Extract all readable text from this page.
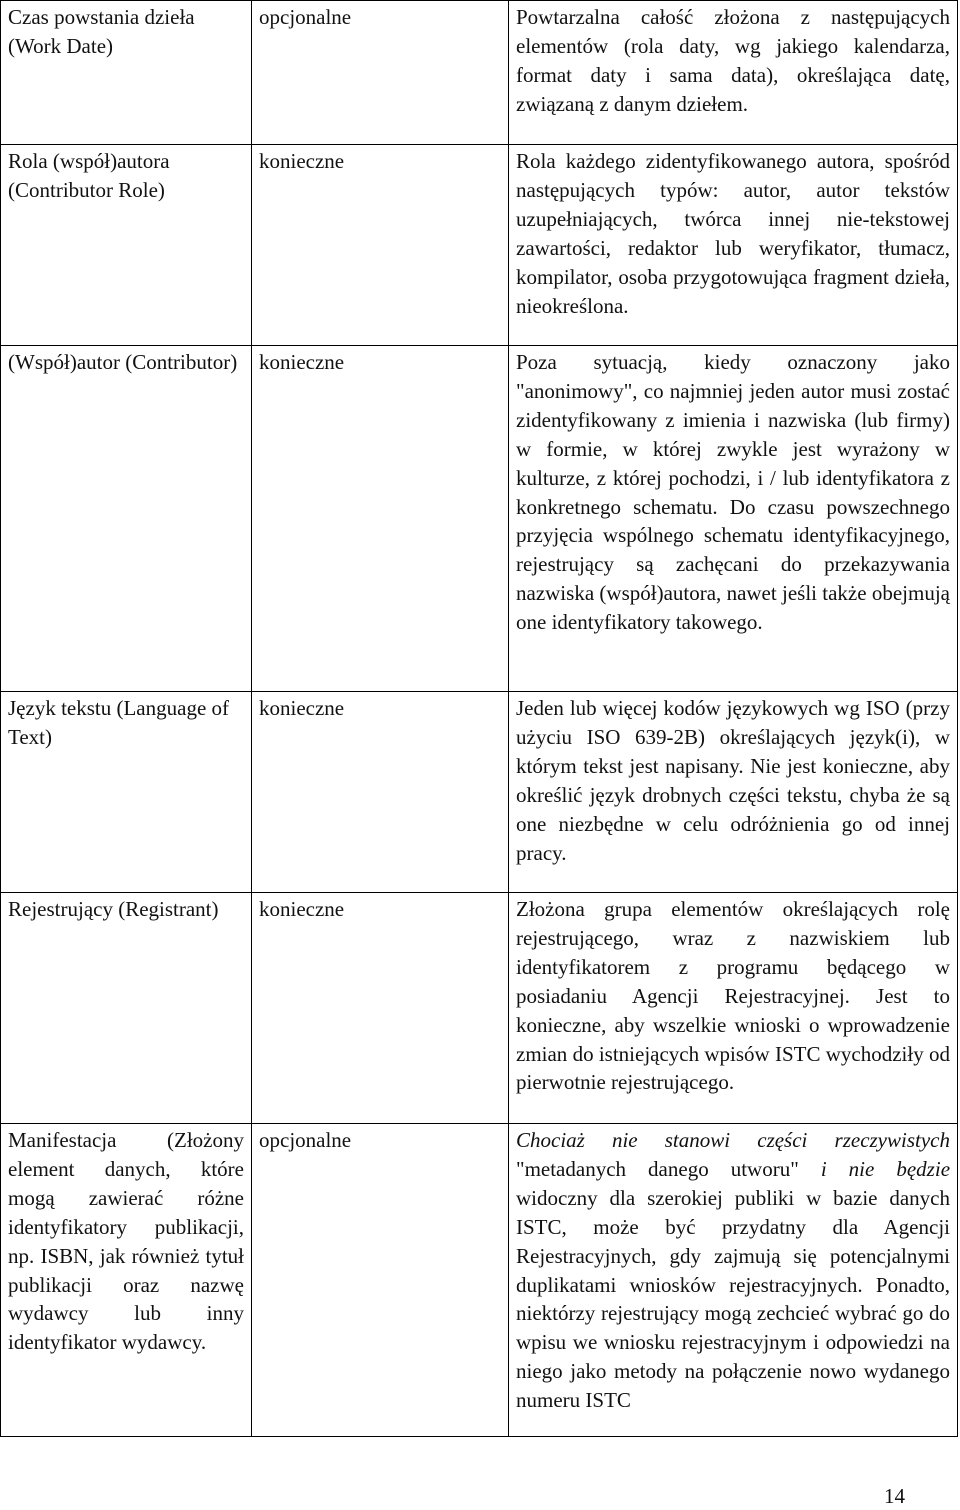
Czas powstania dzieła (Work Date)	opcjonalne	Powtarzalna całość złożona z następujących elementów (rola daty, wg jakiego kalendarza, format daty i sama data), określająca datę, związaną z danym dziełem.
Rola (współ)autora (Contributor Role)	konieczne	Rola każdego zidentyfikowanego autora, spośród następujących typów: autor, autor tekstów uzupełniających, twórca innej nie-tekstowej zawartości, redaktor lub weryfikator, tłumacz, kompilator, osoba przygotowująca fragment dzieła, nieokreślona.
(Współ)autor (Contributor)	konieczne	Poza sytuacją, kiedy oznaczony jako "anonimowy", co najmniej jeden autor musi zostać zidentyfikowany z imienia i nazwiska (lub firmy) w formie, w której zwykle jest wyrażony w kulturze, z której pochodzi, i / lub identyfikatora z konkretnego schematu. Do czasu powszechnego przyjęcia wspólnego schematu identyfikacyjnego, rejestrujący są zachęcani do przekazywania nazwiska (współ)autora, nawet jeśli także obejmują one identyfikatory takowego.
Język tekstu (Language of Text)	konieczne	Jeden lub więcej kodów językowych wg ISO (przy użyciu ISO 639-2B) określających język(i), w którym tekst jest napisany. Nie jest konieczne, aby określić język drobnych części tekstu, chyba że są one niezbędne w celu odróżnienia go od innej pracy.
Rejestrujący (Registrant)	konieczne	Złożona grupa elementów określających rolę rejestrującego, wraz z nazwiskiem lub identyfikatorem z programu będącego w posiadaniu Agencji Rejestracyjnej. Jest to konieczne, aby wszelkie wnioski o wprowadzenie zmian do istniejących wpisów ISTC wychodziły od pierwotnie rejestrującego.
Manifestacja (Złożony element danych, które mogą zawierać różne identyfikatory publikacji, np. ISBN, jak również tytuł publikacji oraz nazwę wydawcy lub inny identyfikator wydawcy.	opcjonalne	Chociaż nie stanowi części rzeczywistych "metadanych danego utworu" i nie będzie widoczny dla szerokiej publiki w bazie danych ISTC, może być przydatny dla Agencji Rejestracyjnych, gdy zajmują się potencjalnymi duplikatami wniosków rejestracyjnych. Ponadto, niektórzy rejestrujący mogą zechcieć wybrać go do wpisu we wniosku rejestracyjnym i odpowiedzi na niego jako metody na połączenie nowo wydanego numeru ISTC
14
